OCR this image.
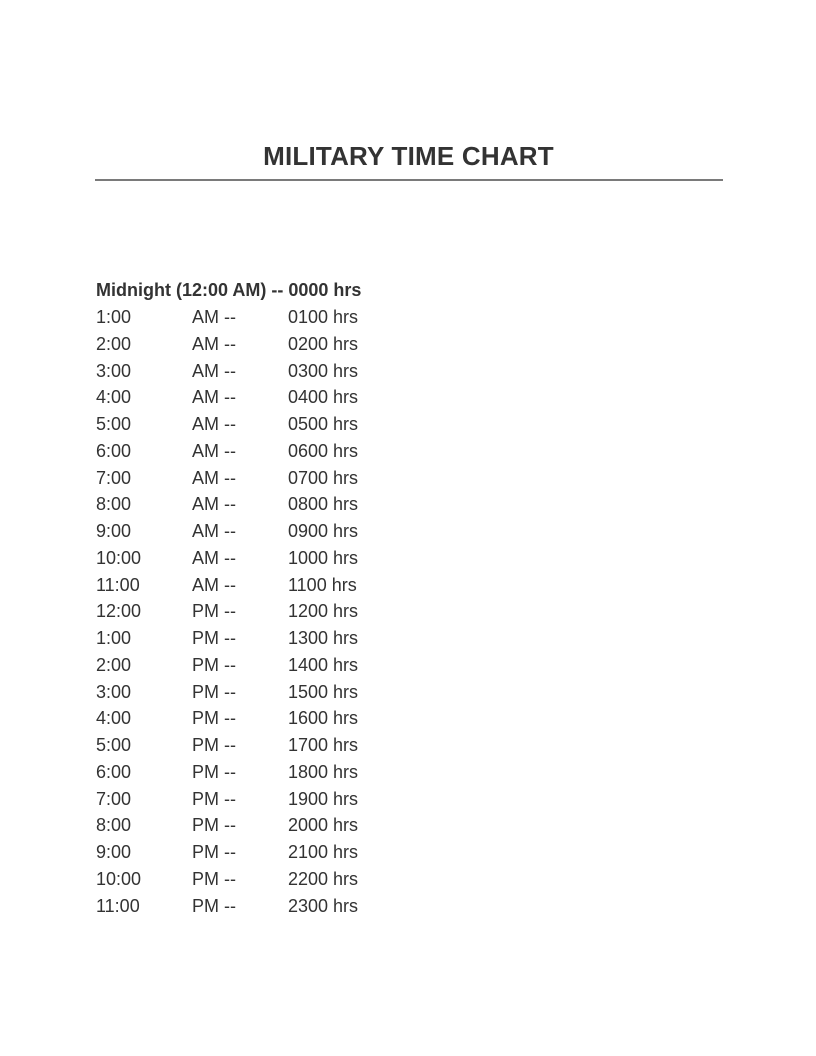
MILITARY TIME CHART
Midnight (12:00 AM) -- 0000 hrs
1:00	AM --	0100 hrs
2:00	AM --	0200 hrs
3:00	AM --	0300 hrs
4:00	AM --	0400 hrs
5:00	AM --	0500 hrs
6:00	AM --	0600 hrs
7:00	AM --	0700 hrs
8:00	AM --	0800 hrs
9:00	AM --	0900 hrs
10:00	AM --	1000 hrs
11:00	AM --	1100 hrs
12:00	PM --	1200 hrs
1:00	PM --	1300 hrs
2:00	PM --	1400 hrs
3:00	PM --	1500 hrs
4:00	PM --	1600 hrs
5:00	PM --	1700 hrs
6:00	PM --	1800 hrs
7:00	PM --	1900 hrs
8:00	PM --	2000 hrs
9:00	PM --	2100 hrs
10:00	PM --	2200 hrs
11:00	PM --	2300 hrs
